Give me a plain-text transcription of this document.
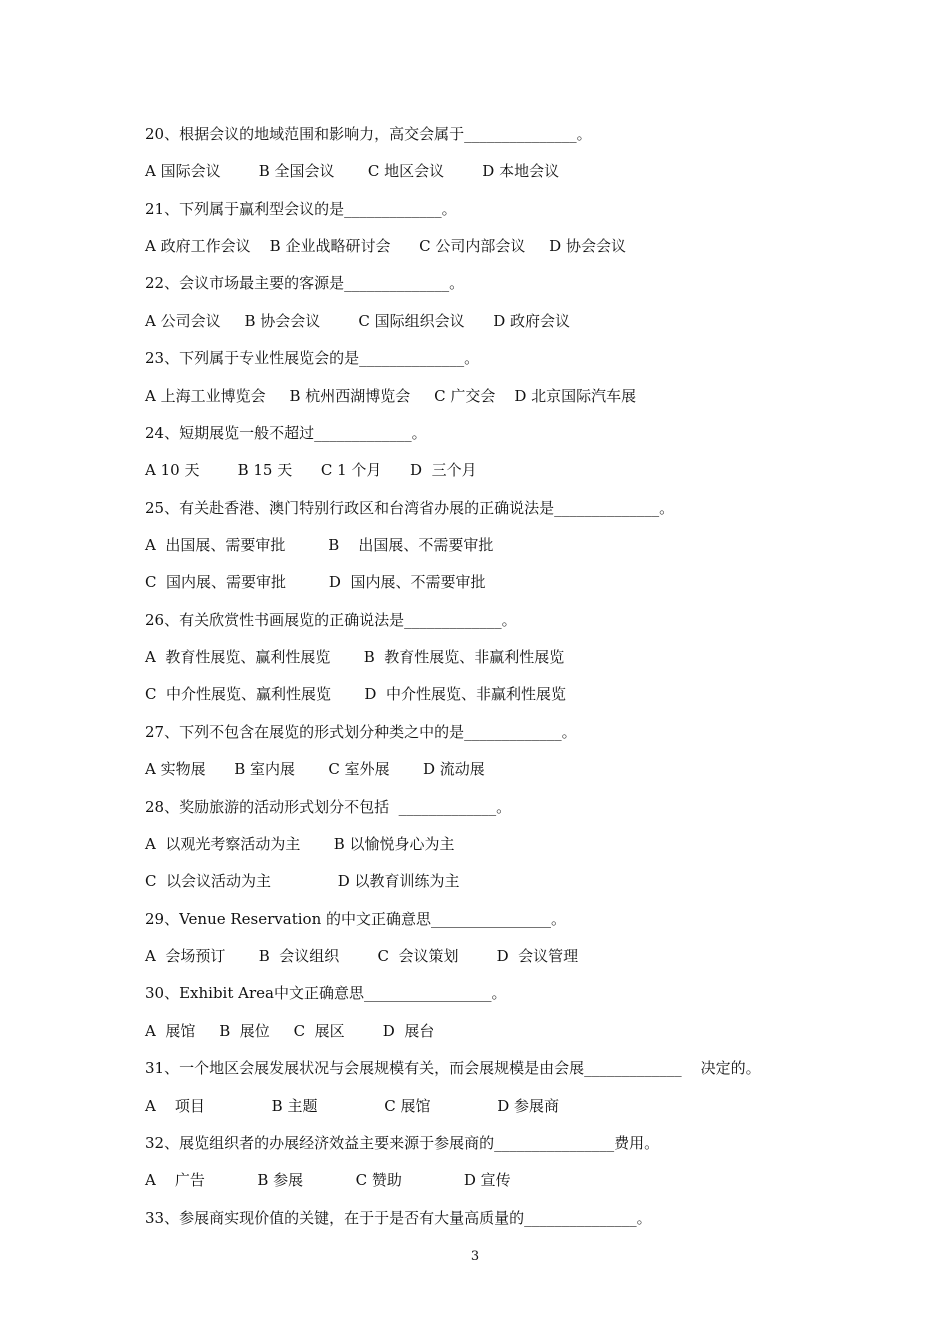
20、根据会议的地域范围和影响力，高交会属于_______________。
A 国际会议        B 全国会议       C 地区会议        D 本地会议
21、下列属于赢利型会议的是_____________。
A 政府工作会议    B 企业战略研讨会      C 公司内部会议     D 协会会议
22、会议市场最主要的客源是______________。
A 公司会议     B 协会会议        C 国际组织会议      D 政府会议
23、下列属于专业性展览会的是______________。
A 上海工业博览会     B 杭州西湖博览会     C 广交会    D 北京国际汽车展
24、短期展览一般不超过_____________。
A 10 天        B 15 天      C 1 个月      D  三个月
25、有关赴香港、澳门特别行政区和台湾省办展的正确说法是______________。
A  出国展、需要审批         B    出国展、不需要审批
C  国内展、需要审批         D  国内展、不需要审批
26、有关欣赏性书画展览的正确说法是_____________。
A  教育性展览、赢利性展览       B  教育性展览、非赢利性展览
C  中介性展览、赢利性展览       D  中介性展览、非赢利性展览
27、下列不包含在展览的形式划分种类之中的是_____________。
A 实物展      B 室内展       C 室外展       D 流动展
28、奖励旅游的活动形式划分不包括  _____________。
A  以观光考察活动为主       B 以愉悦身心为主
C  以会议活动为主              D 以教育训练为主
29、Venue Reservation 的中文正确意思________________。
A  会场预订       B  会议组织        C  会议策划        D  会议管理
30、Exhibit Area中文正确意思_________________。
A  展馆     B  展位     C  展区        D  展台
31、一个地区会展发展状况与会展规模有关，而会展规模是由会展_____________    决定的。
A    项目              B 主题              C 展馆              D 参展商
32、展览组织者的办展经济效益主要来源于参展商的________________费用。
A    广告           B 参展           C 赞助             D 宣传
33、参展商实现价值的关键，在于于是否有大量高质量的_______________。
3
